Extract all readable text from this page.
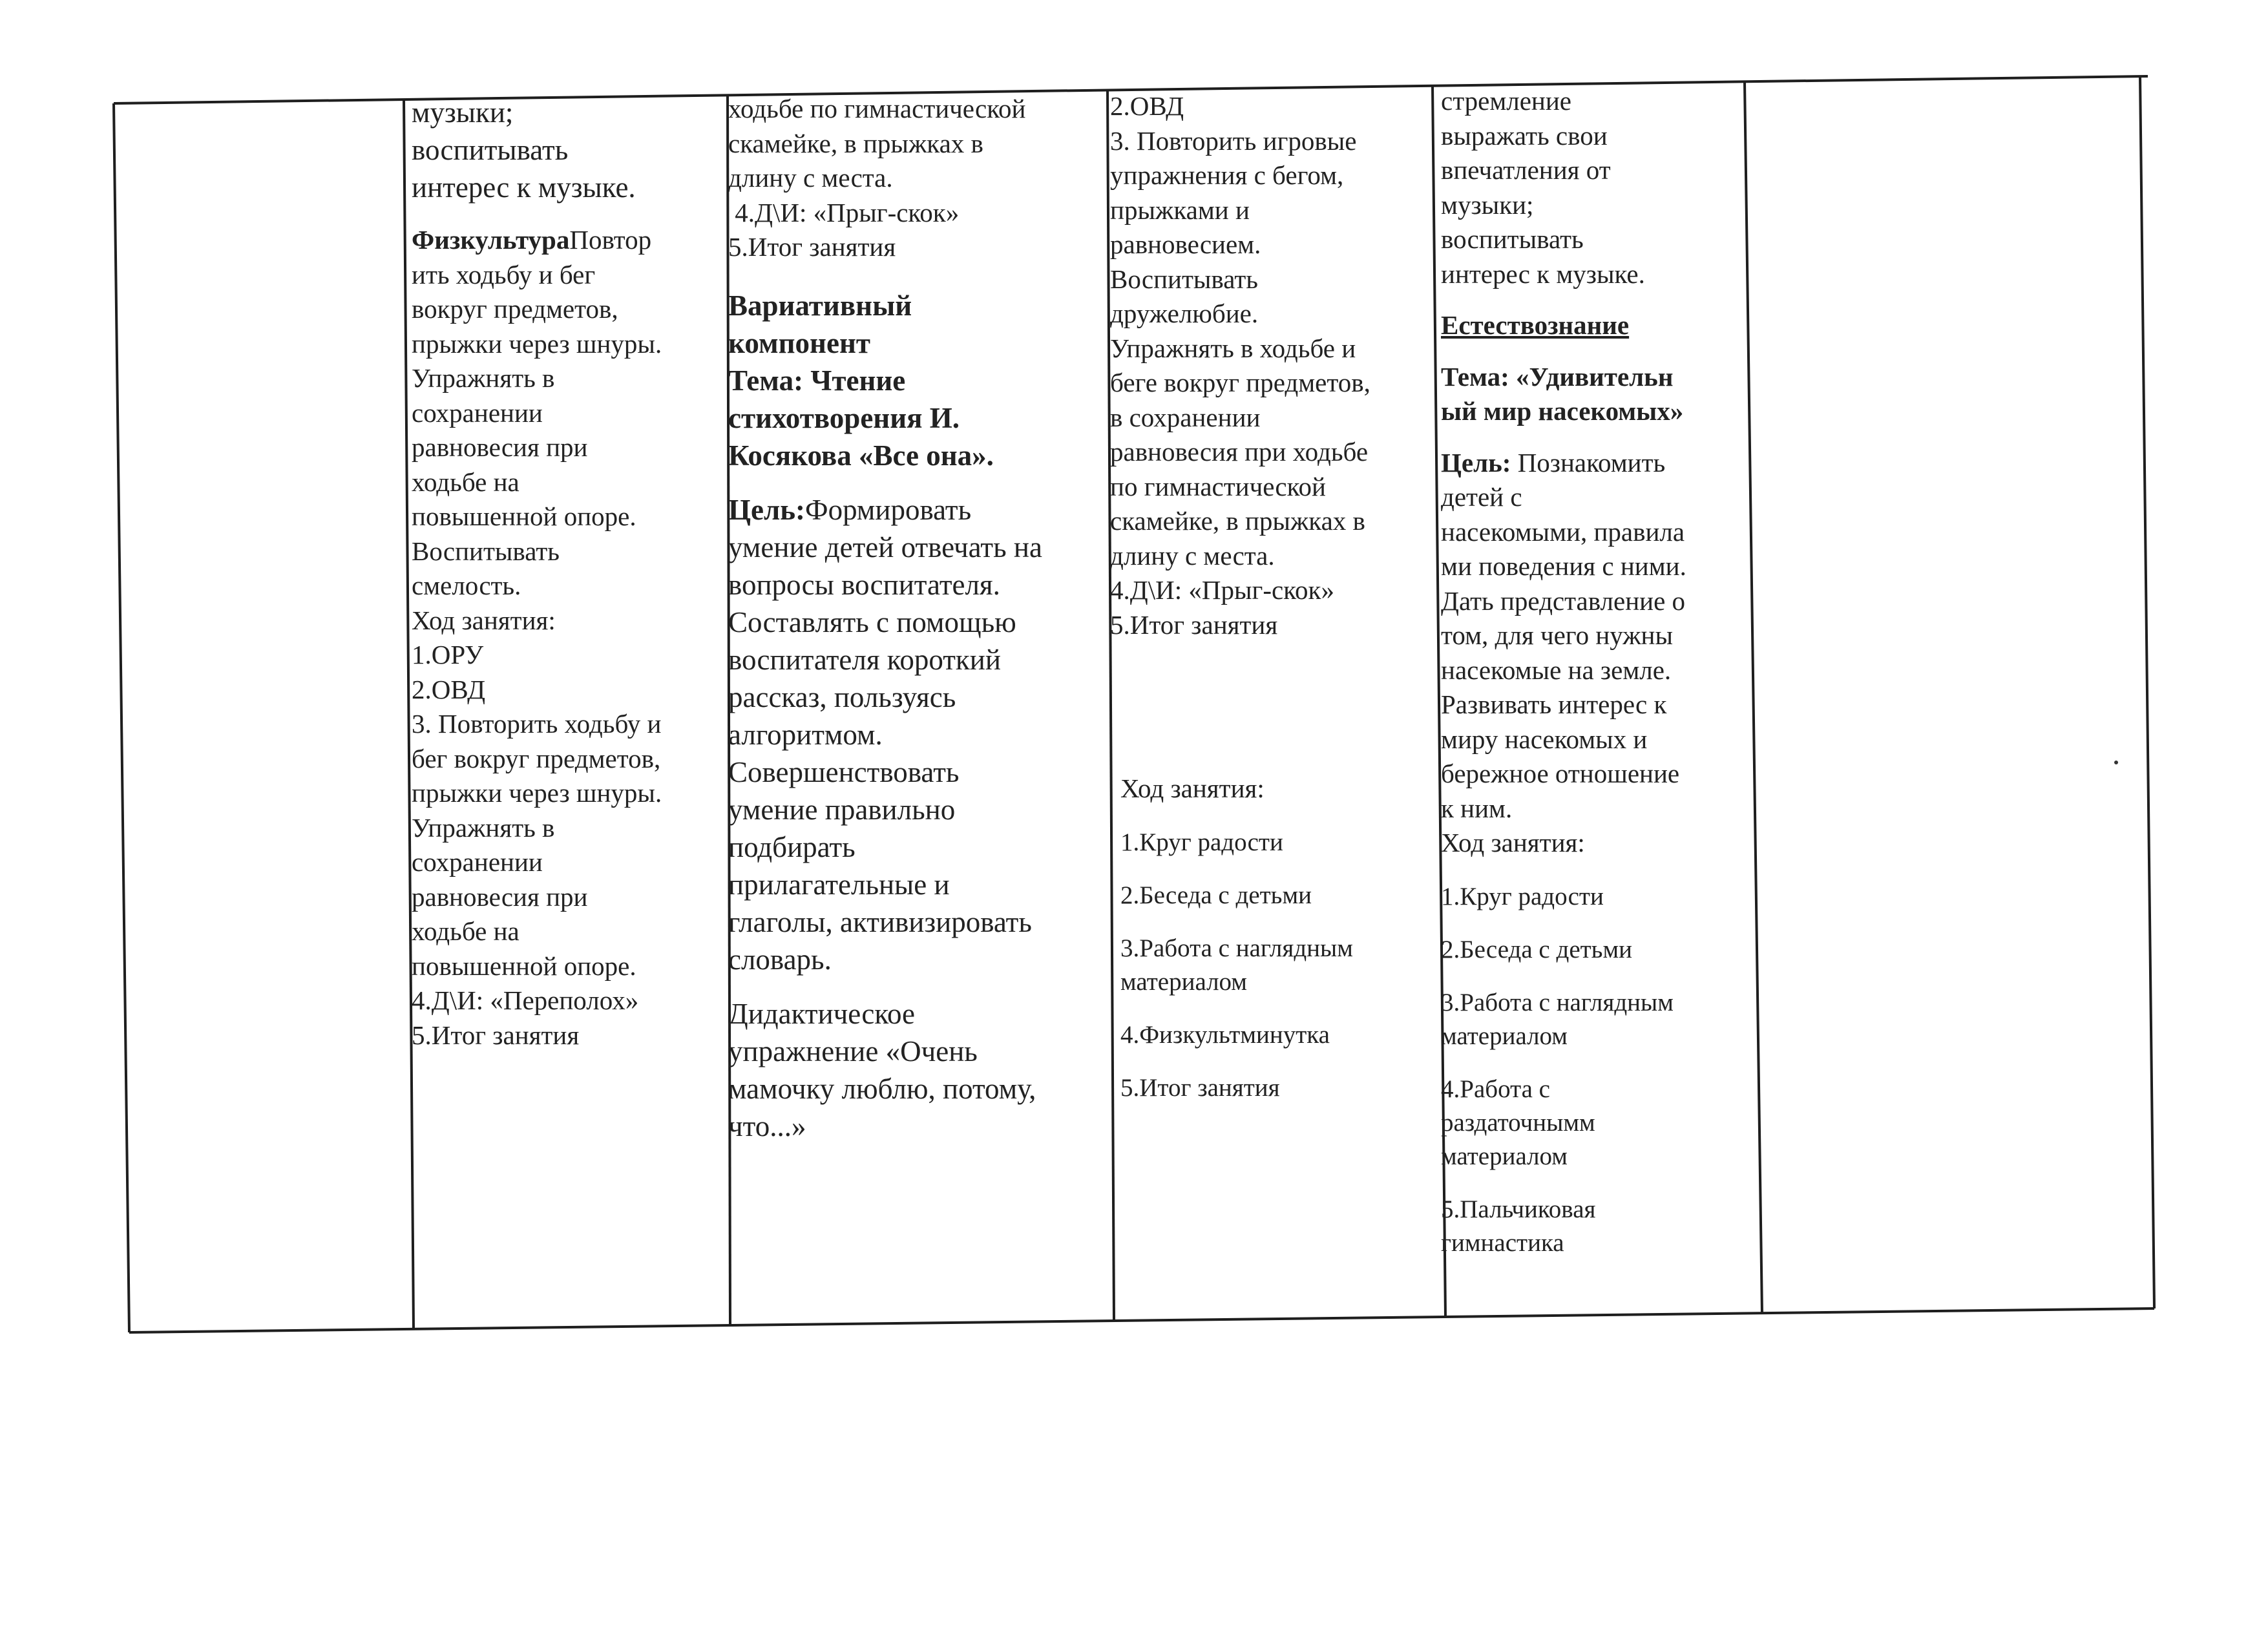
музыки;
воспитывать
интерес к музыке.
ФизкультураПовтор
ить ходьбу и бег
вокруг предметов,
прыжки через шнуры.
Упражнять в
сохранении
равновесия при
ходьбе на
повышенной опоре.
Воспитывать
смелость.
Ход занятия:
1.ОРУ
2.ОВД
3. Повторить ходьбу и
бег вокруг предметов,
прыжки через шнуры.
Упражнять в
сохранении
равновесия при
ходьбе на
повышенной опоре.
4.Д\И: «Переполох»
5.Итог занятия
ходьбе по гимнастической
скамейке, в прыжках в
длину с места.
4.Д\И: «Прыг-скок»
5.Итог занятия
Вариативный
компонент
Тема: Чтение
стихотворения И.
Косякова «Все она».
Цель:Формировать
умение детей отвечать на
вопросы воспитателя.
Составлять с помощью
воспитателя короткий
рассказ, пользуясь
алгоритмом.
Совершенствовать
умение правильно
подбирать
прилагательные и
глаголы, активизировать
словарь.
Дидактическое
упражнение «Очень
мамочку люблю, потому,
что...»
2.ОВД
3. Повторить игровые
упражнения с бегом,
прыжками и
равновесием.
Воспитывать
дружелюбие.
Упражнять в ходьбе и
беге вокруг предметов,
в сохранении
равновесия при ходьбе
по гимнастической
скамейке, в прыжках в
длину с места.
4.Д\И: «Прыг-скок»
5.Итог занятия
Ход занятия:
1.Круг радости
2.Беседа с детьми
3.Работа с наглядным
материалом
4.Физкультминутка
5.Итог занятия
стремление
выражать свои
впечатления от
музыки;
воспитывать
интерес к музыке.
Естествознание
Тема: «Удивительн
ый мир насекомых»
Цель: Познакомить
детей с
насекомыми, правила
ми поведения с ними.
Дать представление о
том, для чего нужны
насекомые на земле.
Развивать интерес к
миру насекомых и
бережное отношение
к ним.
Ход занятия:
1.Круг радости
2.Беседа с детьми
3.Работа с наглядным
материалом
4.Работа с
раздаточнымм
материалом
5.Пальчиковая
гимнастика
